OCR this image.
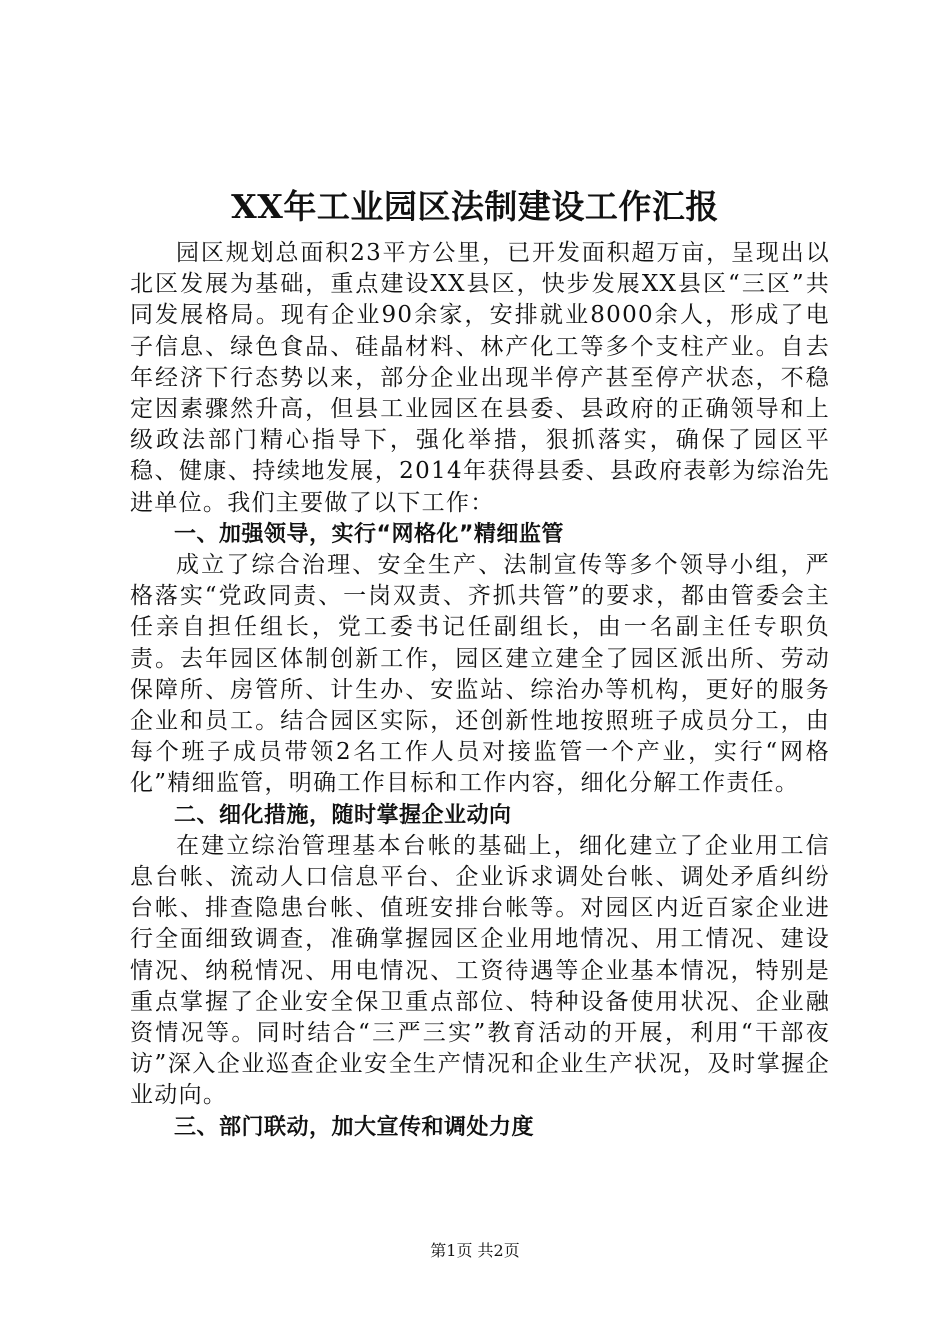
XX年工业园区法制建设工作汇报

园区规划总面积23平方公里，已开发面积超万亩，呈现出以北区发展为基础，重点建设XX县区，快步发展XX县区“三区”共同发展格局。现有企业90余家，安排就业8000余人，形成了电子信息、绿色食品、硅晶材料、林产化工等多个支柱产业。自去年经济下行态势以来，部分企业出现半停产甚至停产状态，不稳定因素骤然升高，但县工业园区在县委、县政府的正确领导和上级政法部门精心指导下，强化举措，狠抓落实，确保了园区平稳、健康、持续地发展，2014年获得县委、县政府表彰为综治先进单位。我们主要做了以下工作：

一、加强领导，实行“网格化”精细监管

成立了综合治理、安全生产、法制宣传等多个领导小组，严格落实“党政同责、一岗双责、齐抓共管”的要求，都由管委会主任亲自担任组长，党工委书记任副组长，由一名副主任专职负责。去年园区体制创新工作，园区建立建全了园区派出所、劳动保障所、房管所、计生办、安监站、综治办等机构，更好的服务企业和员工。结合园区实际，还创新性地按照班子成员分工，由每个班子成员带领2名工作人员对接监管一个产业，实行“网格化”精细监管，明确工作目标和工作内容，细化分解工作责任。

二、细化措施，随时掌握企业动向

在建立综治管理基本台帐的基础上，细化建立了企业用工信息台帐、流动人口信息平台、企业诉求调处台帐、调处矛盾纠纷台帐、排查隐患台帐、值班安排台帐等。对园区内近百家企业进行全面细致调查，准确掌握园区企业用地情况、用工情况、建设情况、纳税情况、用电情况、工资待遇等企业基本情况，特别是重点掌握了企业安全保卫重点部位、特种设备使用状况、企业融资情况等。同时结合“三严三实”教育活动的开展，利用“干部夜访”深入企业巡查企业安全生产情况和企业生产状况，及时掌握企业动向。

三、部门联动，加大宣传和调处力度

第1页 共2页
